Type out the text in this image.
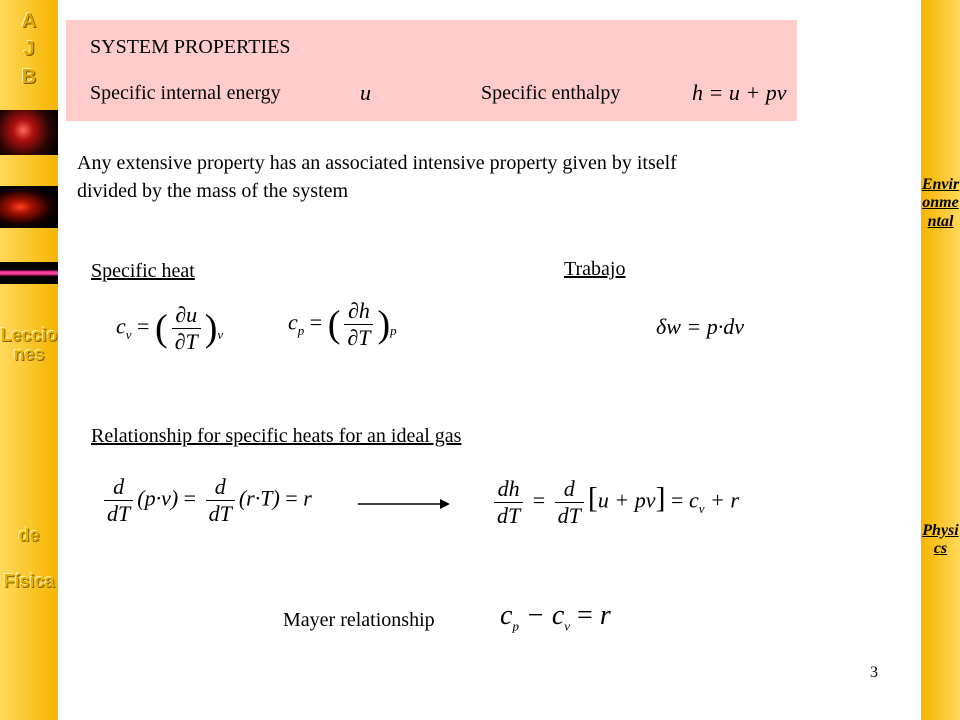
A
J
B
Lecciones
de
Física
Environmental
Physics
SYSTEM PROPERTIES
Specific internal energy	u	Specific enthalpy	h = u + pv
Any extensive property has an associated intensive property given by itself
divided by the mass of the system
Specific heat	Trabajo
$c_v$ = ( $\frac{\partial u}{\partial T} )_v$	$c_p$ = ( $\frac{\partial h}{\partial T} )_p$	δw = p·dv
Relationship for specific heats for an ideal gas
$\frac{d}{dT} (p\cdot v) = \frac{d}{dT} (r\cdot T) = r$	$\frac{dh}{dT} = \frac{d}{dT} [u + pv] = c_v + r$
Mayer relationship $c_p - c_v = r$
3
